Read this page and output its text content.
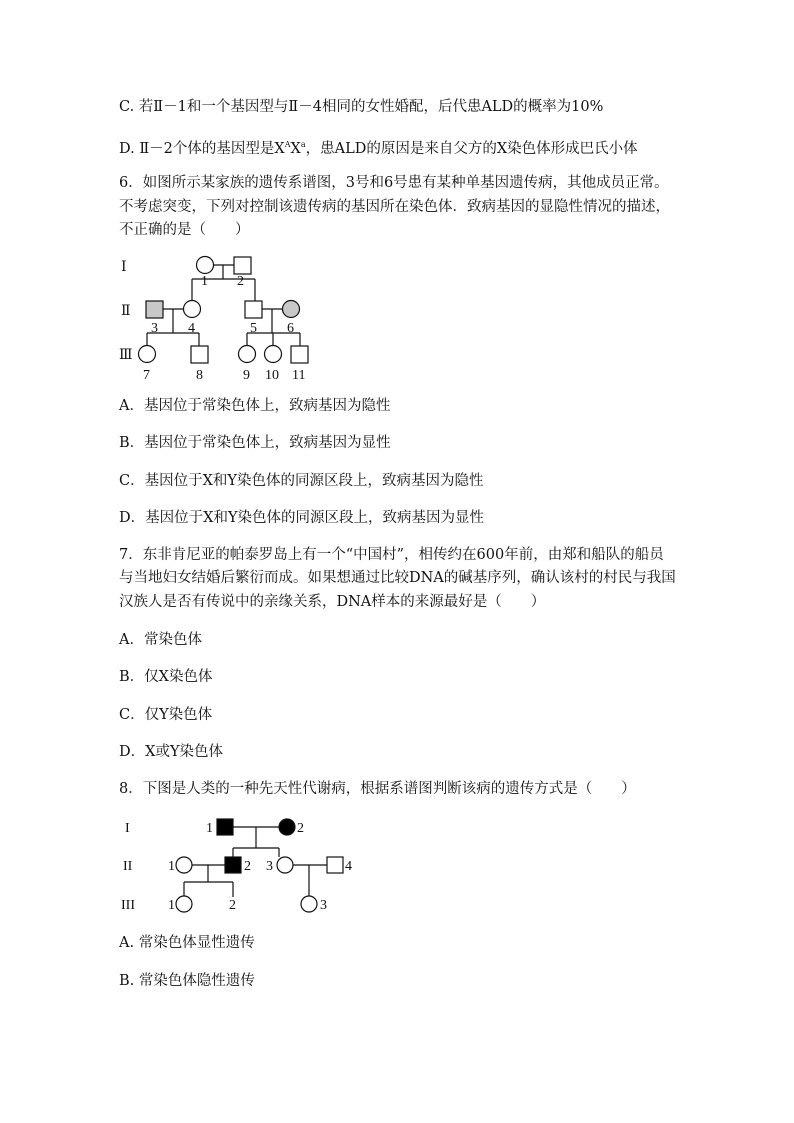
C. 若Ⅱ－1和一个基因型与Ⅱ－4相同的女性婚配，后代患ALD的概率为10%
D. Ⅱ－2个体的基因型是$X^AX^a$，患ALD的原因是来自父方的X染色体形成巴氏小体
6．如图所示某家族的遗传系谱图，3号和6号患有某种单基因遗传病，其他成员正常。
不考虑突变，下列对控制该遗传病的基因所在染色体．致病基因的显隐性情况的描述，
不正确的是（　　）
Ⅰ
Ⅱ
Ⅲ
1 2
3 4	5 6
7	8	9 10 11
A．基因位于常染色体上，致病基因为隐性
B．基因位于常染色体上，致病基因为显性
C．基因位于X和Y染色体的同源区段上，致病基因为隐性
D．基因位于X和Y染色体的同源区段上，致病基因为显性
7．东非肯尼亚的帕泰罗岛上有一个“中国村”，相传约在600年前，由郑和船队的船员
与当地妇女结婚后繁衍而成。如果想通过比较DNA的碱基序列，确认该村的村民与我国
汉族人是否有传说中的亲缘关系，DNA样本的来源最好是（　　）
A．常染色体
B．仅X染色体
C．仅Y染色体
D．X或Y染色体
8．下图是人类的一种先天性代谢病，根据系谱图判断该病的遗传方式是（　　）
I
II
III
1	2
1	2 3	4
1	2	3
A. 常染色体显性遗传
B. 常染色体隐性遗传
